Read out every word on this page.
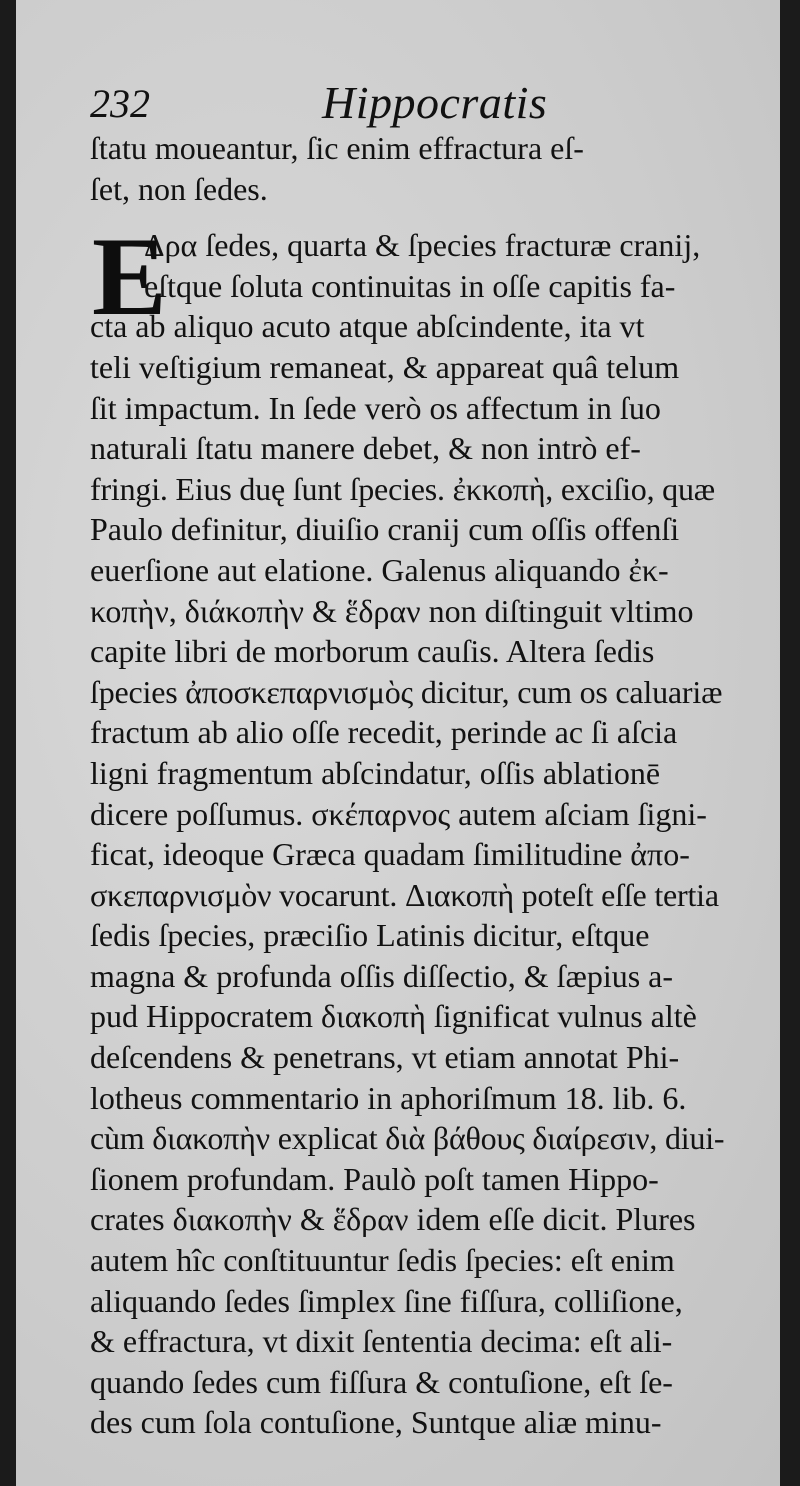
232	Hippocratis
ſtatu moueantur, ſic enim effractura eſ-
ſet, non ſedes.
E
Δρα ſedes, quarta & ſpecies fracturæ cranij,
eſtque ſoluta continuitas in oſſe capitis fa-
cta ab aliquo acuto atque abſcindente, ita vt
teli veſtigium remaneat, & appareat quâ telum
ſit impactum. In ſede verò os affectum in ſuo
naturali ſtatu manere debet, & non intrò ef-
fringi. Eius duę ſunt ſpecies. ἐκκοπὴ, exciſio, quæ
Paulo definitur, diuiſio cranij cum oſſis offenſi
euerſione aut elatione. Galenus aliquando ἐκ-
κοπὴν, διάκοπὴν & ἕδραν non diſtinguit vltimo
capite libri de morborum cauſis. Altera ſedis
ſpecies ἀποσκεπαρνισμὸς dicitur, cum os caluariæ
fractum ab alio oſſe recedit, perinde ac ſi aſcia
ligni fragmentum abſcindatur, oſſis ablationē
dicere poſſumus. σκέπαρνος autem aſciam ſigni-
ficat, ideoque Græca quadam ſimilitudine ἀπο-
σκεπαρνισμὸν vocarunt. Διακοπὴ poteſt eſſe tertia
ſedis ſpecies, præciſio Latinis dicitur, eſtque
magna & profunda oſſis diſſectio, & ſæpius a-
pud Hippocratem διακοπὴ ſignificat vulnus altè
deſcendens & penetrans, vt etiam annotat Phi-
lotheus commentario in aphoriſmum 18. lib. 6.
cùm διακοπὴν explicat διὰ βάθους διαίρεσιν, diui-
ſionem profundam. Paulò poſt tamen Hippo-
crates διακοπὴν & ἕδραν idem eſſe dicit. Plures
autem hîc conſtituuntur ſedis ſpecies: eſt enim
aliquando ſedes ſimplex ſine fiſſura, colliſione,
& effractura, vt dixit ſententia decima: eſt ali-
quando ſedes cum fiſſura & contuſione, eſt ſe-
des cum ſola contuſione, Suntque aliæ minu-
